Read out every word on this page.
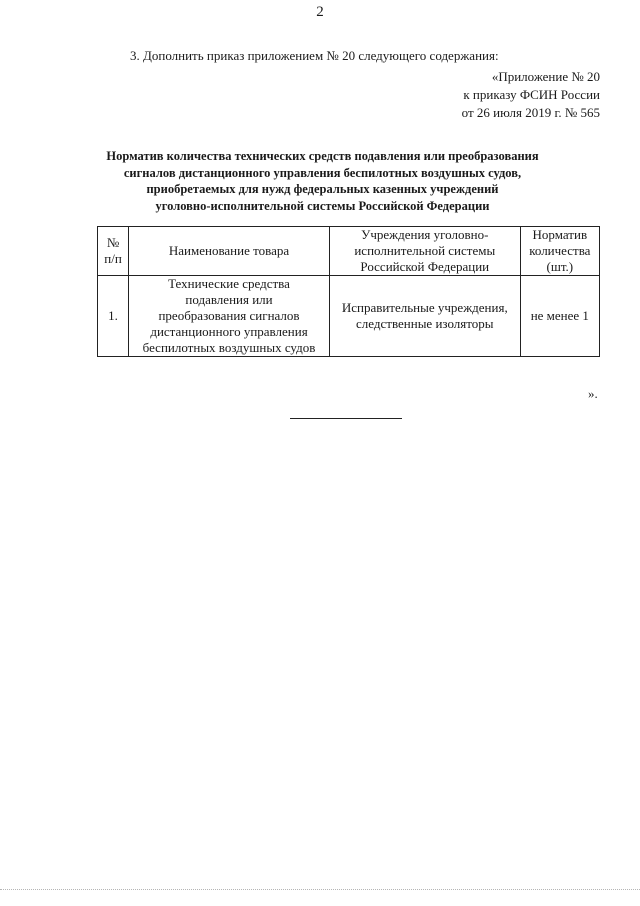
2
3. Дополнить приказ приложением № 20 следующего содержания:
«Приложение № 20
к приказу ФСИН России
от 26 июля 2019 г. № 565
Норматив количества технических средств подавления или преобразования
сигналов дистанционного управления беспилотных воздушных судов,
приобретаемых для нужд федеральных казенных учреждений
уголовно-исполнительной системы Российской Федерации
№
п/п	Наименование товара	Учреждения уголовно-
исполнительной системы
Российской Федерации	Норматив
количества
(шт.)

1.	Технические средства
подавления или
преобразования сигналов
дистанционного управления
беспилотных воздушных судов	Исправительные учреждения,
следственные изоляторы	не менее 1
».
